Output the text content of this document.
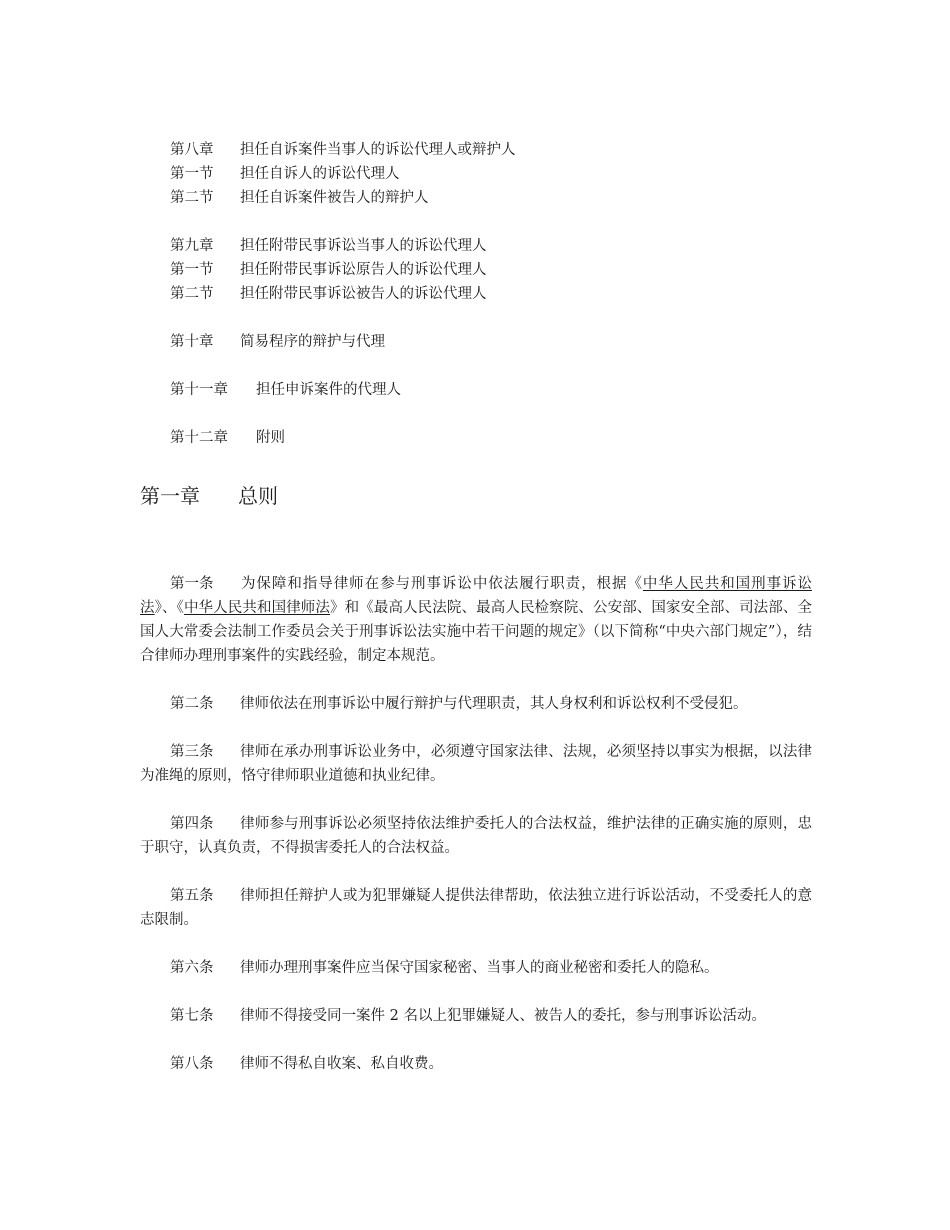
第八章 担任自诉案件当事人的诉讼代理人或辩护人
第一节 担任自诉人的诉讼代理人
第二节 担任自诉案件被告人的辩护人
第九章 担任附带民事诉讼当事人的诉讼代理人
第一节 担任附带民事诉讼原告人的诉讼代理人
第二节 担任附带民事诉讼被告人的诉讼代理人
第十章 简易程序的辩护与代理
第十一章 担任申诉案件的代理人
第十二章 附则
第一章 总则

第一条 为保障和指导律师在参与刑事诉讼中依法履行职责，根据《中华人民共和国刑事诉讼法》、《中华人民共和国律师法》和《最高人民法院、最高人民检察院、公安部、国家安全部、司法部、全国人大常委会法制工作委员会关于刑事诉讼法实施中若干问题的规定》（以下简称“中央六部门规定”），结合律师办理刑事案件的实践经验，制定本规范。

第二条 律师依法在刑事诉讼中履行辩护与代理职责，其人身权利和诉讼权利不受侵犯。

第三条 律师在承办刑事诉讼业务中，必须遵守国家法律、法规，必须坚持以事实为根据，以法律为准绳的原则，恪守律师职业道德和执业纪律。

第四条 律师参与刑事诉讼必须坚持依法维护委托人的合法权益，维护法律的正确实施的原则，忠于职守，认真负责，不得损害委托人的合法权益。

第五条 律师担任辩护人或为犯罪嫌疑人提供法律帮助，依法独立进行诉讼活动，不受委托人的意志限制。

第六条 律师办理刑事案件应当保守国家秘密、当事人的商业秘密和委托人的隐私。

第七条 律师不得接受同一案件 2 名以上犯罪嫌疑人、被告人的委托，参与刑事诉讼活动。

第八条 律师不得私自收案、私自收费。
